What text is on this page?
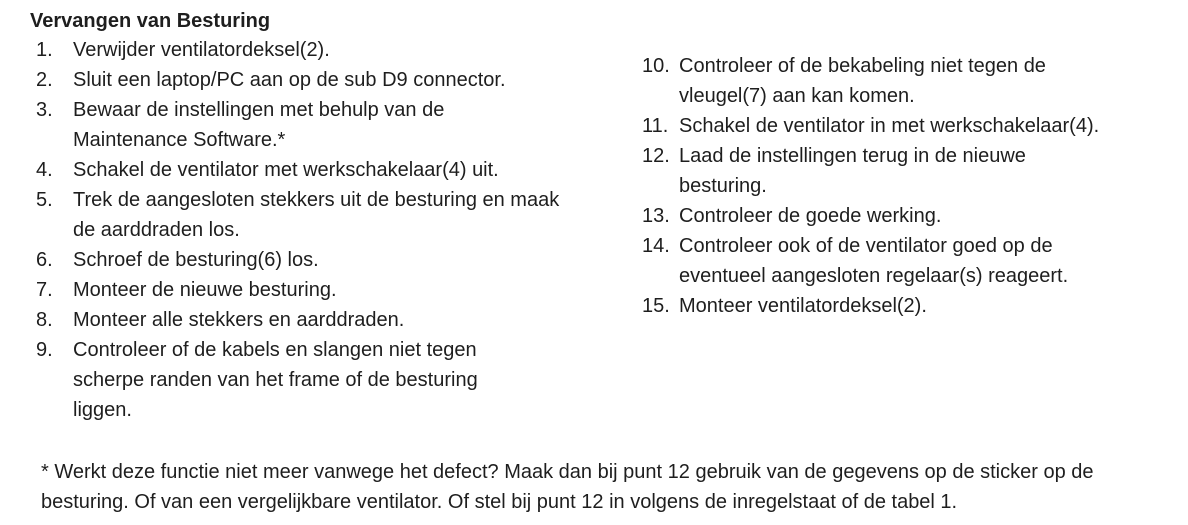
Vervangen van Besturing
1.	Verwijder ventilatordeksel(2).
2.	Sluit een laptop/PC aan op de sub D9 connector.
3.	Bewaar de instellingen met behulp van de Maintenance Software.*
4.	Schakel de ventilator met werkschakelaar(4) uit.
5.	Trek de aangesloten stekkers uit de besturing en maak de aarddraden los.
6.	Schroef de besturing(6) los.
7.	Monteer de nieuwe besturing.
8.	Monteer alle stekkers en aarddraden.
9.	Controleer of de kabels en slangen niet tegen scherpe randen van het frame of de besturing liggen.
10. Controleer of de bekabeling niet tegen de vleugel(7) aan kan komen.
11. Schakel de ventilator in met werkschakelaar(4).
12. Laad de instellingen terug in de nieuwe besturing.
13. Controleer de goede werking.
14. Controleer ook of de ventilator goed op de eventueel aangesloten regelaar(s) reageert.
15. Monteer ventilatordeksel(2).
* Werkt deze functie niet meer vanwege het defect? Maak dan bij punt 12 gebruik van de gegevens op de sticker op de besturing. Of van een vergelijkbare ventilator. Of stel bij punt 12 in volgens de inregelstaat of de tabel 1.
